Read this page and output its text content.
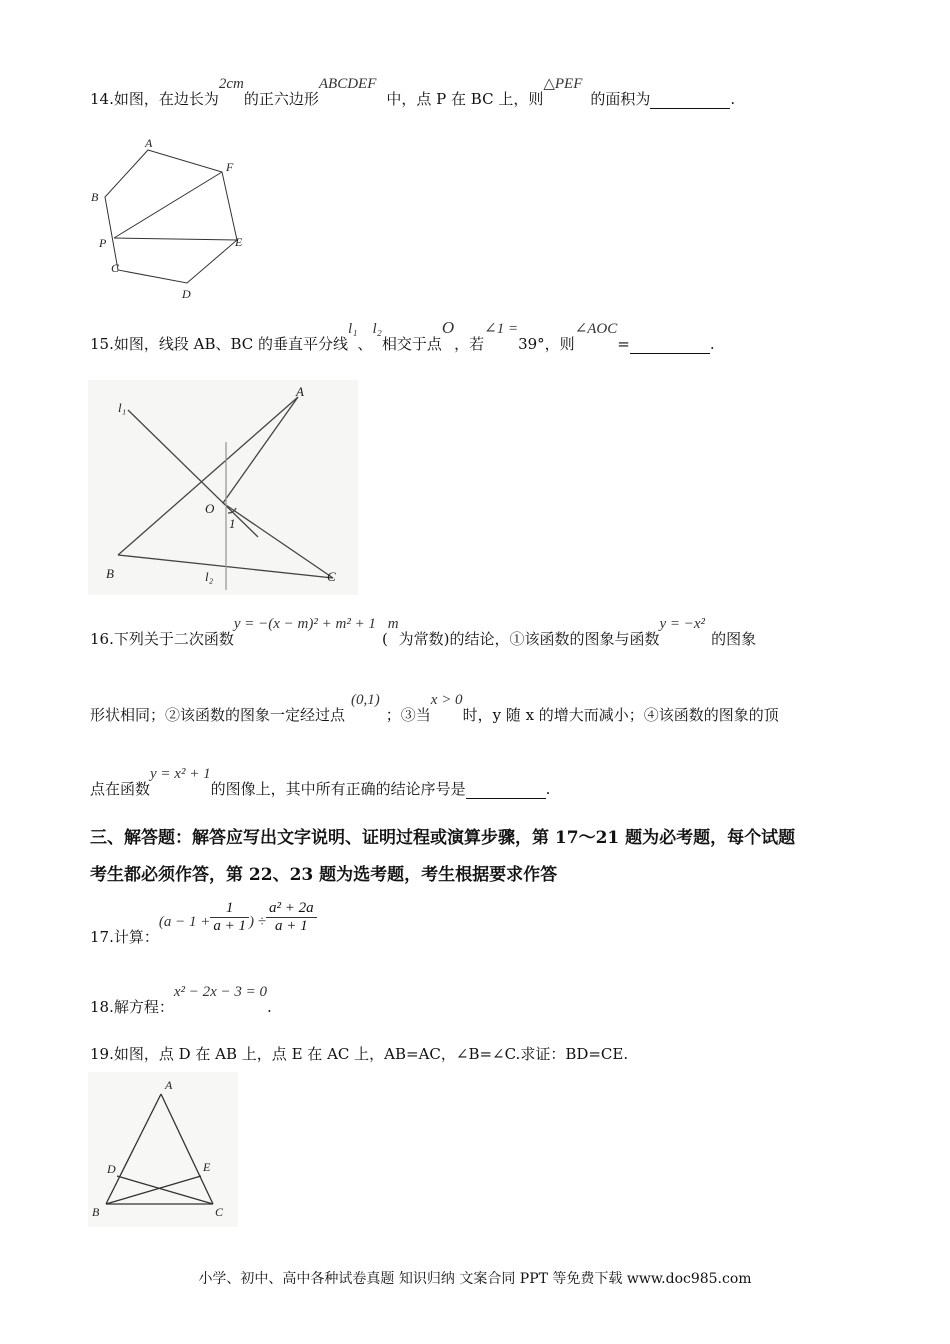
14.如图，在边长为2cm的正六边形ABCDEF中，点 P 在 BC 上，则△PEF的面积为	.
A
F
B
P	E
C
D
15.如图，线段 AB、BC 的垂直平分线l₁、l₂相交于点O，若∠1 =39°，则∠AOC=	.
l₁
A
O
1
B	l₂	C
16.下列关于二次函数y = −(x − m)² + m² + 1(m为常数)的结论，①该函数的图象与函数y = −x²的图象
形状相同；②该函数的图象一定经过点(0,1)；③当x > 0时，y 随 x 的增大而减小；④该函数的图象的顶
点在函数y = x² + 1的图像上，其中所有正确的结论序号是	.
三、解答题：解答应写出文字说明、证明过程或演算步骤，第 17～21 题为必考题，每个试题
考生都必须作答，第 22、23 题为选考题，考生根据要求作答
17.计算：($a - 1 + \frac{1}{a + 1}$ ) ÷ $\frac{\text{a² + 2a}}{a + 1}$
18.解方程：x² − 2x − 3 = 0.
19.如图，点 D 在 AB 上，点 E 在 AC 上，AB=AC，∠B=∠C.求证：BD=CE.
A
D	E
B	C
小学、初中、高中各种试卷真题 知识归纳 文案合同 PPT 等免费下载 www.doc985.com
